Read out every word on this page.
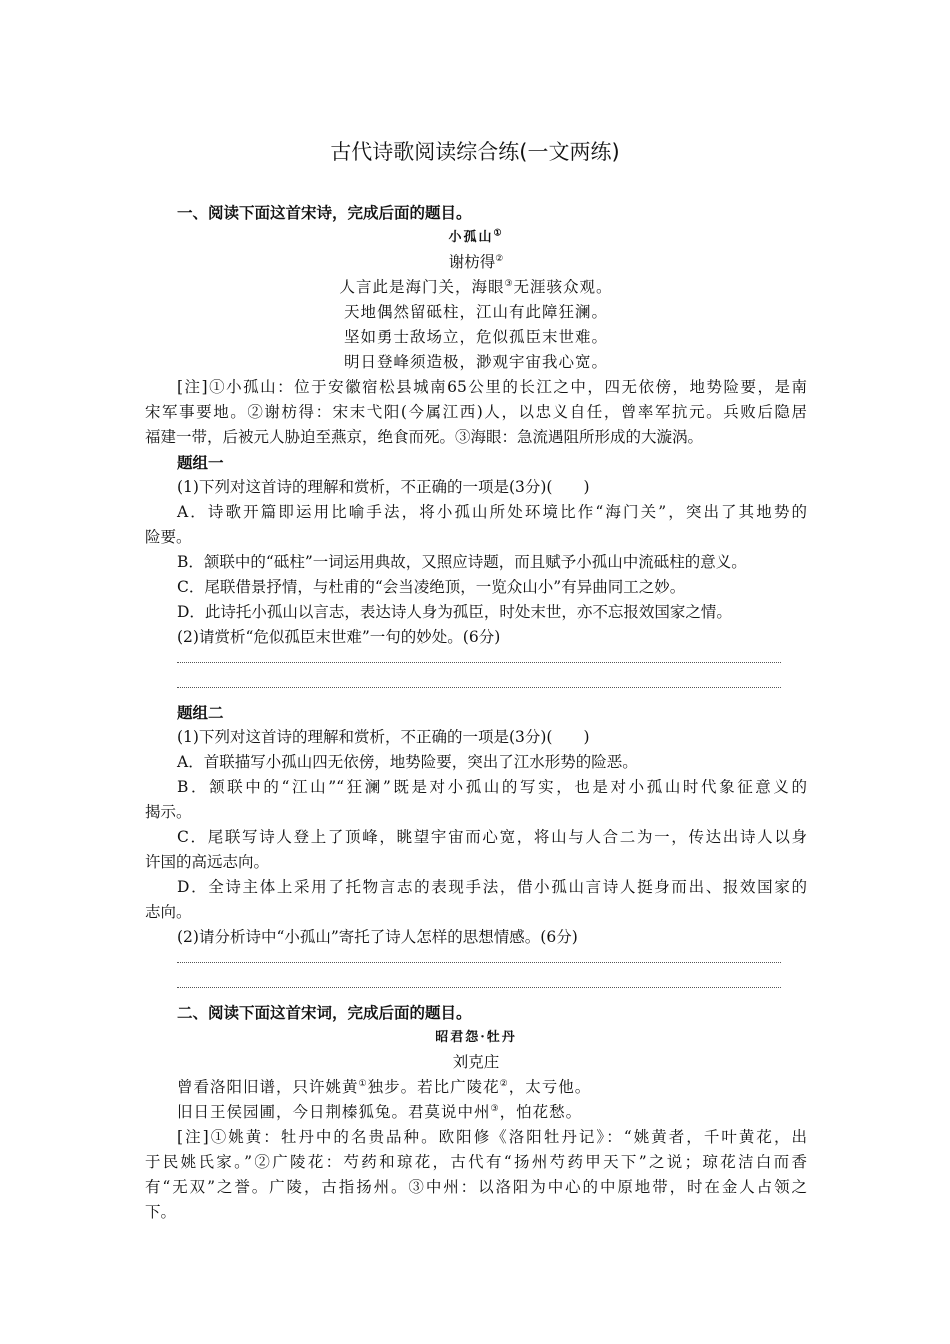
古代诗歌阅读综合练(一文两练)
一、阅读下面这首宋诗，完成后面的题目。
小孤山①
谢枋得②
人言此是海门关，海眼③无涯骇众观。
天地偶然留砥柱，江山有此障狂澜。
坚如勇士敌场立，危似孤臣末世难。
明日登峰须造极，渺观宇宙我心宽。
[注]①小孤山：位于安徽宿松县城南65公里的长江之中，四无依傍，地势险要，是南
宋军事要地。②谢枋得：宋末弋阳(今属江西)人，以忠义自任，曾率军抗元。兵败后隐居
福建一带，后被元人胁迫至燕京，绝食而死。③海眼：急流遇阻所形成的大漩涡。
题组一
(1)下列对这首诗的理解和赏析，不正确的一项是(3分)(　　)
A．诗歌开篇即运用比喻手法，将小孤山所处环境比作“海门关”，突出了其地势的
险要。
B．颔联中的“砥柱”一词运用典故，又照应诗题，而且赋予小孤山中流砥柱的意义。
C．尾联借景抒情，与杜甫的“会当凌绝顶，一览众山小”有异曲同工之妙。
D．此诗托小孤山以言志，表达诗人身为孤臣，时处末世，亦不忘报效国家之情。
(2)请赏析“危似孤臣末世难”一句的妙处。(6分)
题组二
(1)下列对这首诗的理解和赏析，不正确的一项是(3分)(　　)
A．首联描写小孤山四无依傍，地势险要，突出了江水形势的险恶。
B．颔联中的“江山”“狂澜”既是对小孤山的写实，也是对小孤山时代象征意义的
揭示。
C．尾联写诗人登上了顶峰，眺望宇宙而心宽，将山与人合二为一，传达出诗人以身
许国的高远志向。
D．全诗主体上采用了托物言志的表现手法，借小孤山言诗人挺身而出、报效国家的
志向。
(2)请分析诗中“小孤山”寄托了诗人怎样的思想情感。(6分)
二、阅读下面这首宋词，完成后面的题目。
昭君怨·牡丹
刘克庄
曾看洛阳旧谱，只许姚黄①独步。若比广陵花②，太亏他。
旧日王侯园圃，今日荆榛狐兔。君莫说中州③，怕花愁。
[注]①姚黄：牡丹中的名贵品种。欧阳修《洛阳牡丹记》：“姚黄者，千叶黄花，出
于民姚氏家。”②广陵花：芍药和琼花，古代有“扬州芍药甲天下”之说；琼花洁白而香
有“无双”之誉。广陵，古指扬州。③中州：以洛阳为中心的中原地带，时在金人占领之
下。
